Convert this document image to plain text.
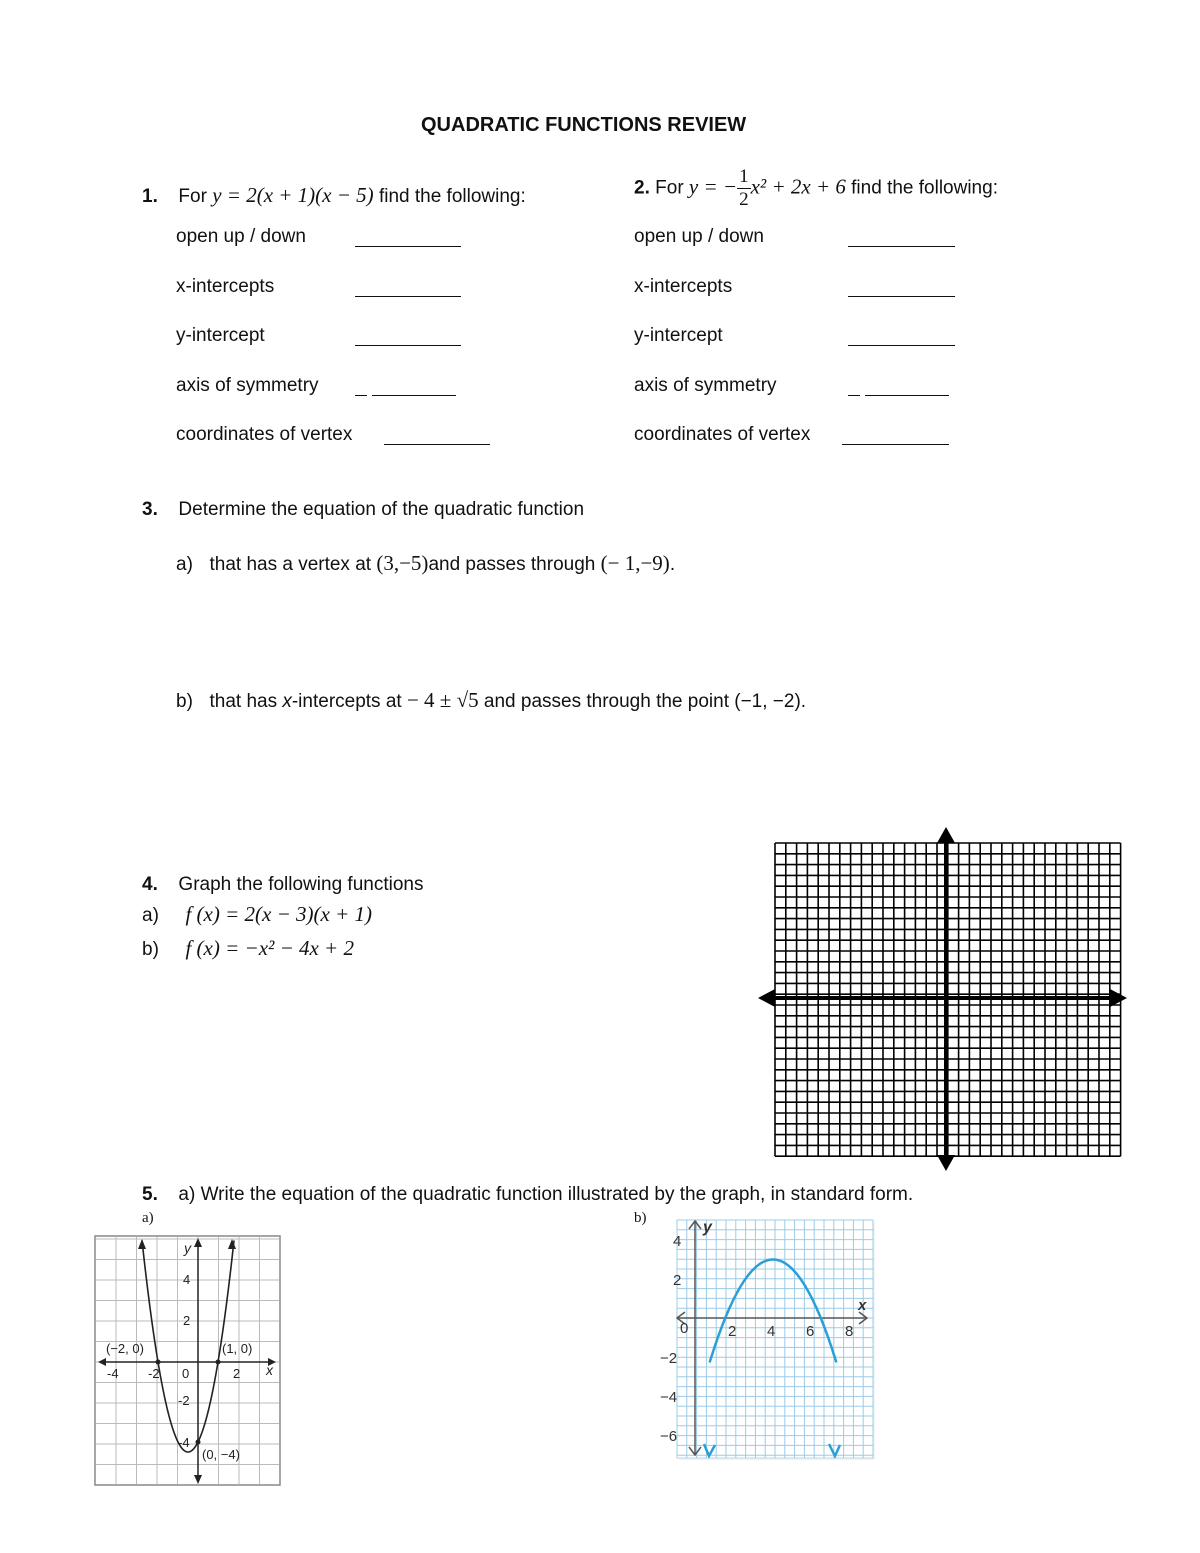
QUADRATIC FUNCTIONS REVIEW
1. For y = 2(x + 1)(x − 5) find the following:	2. For y = − $\frac{1}{2} x^2 + 2x + 6$ find the following:
open up / down
x-intercepts
y-intercept
axis of symmetry
coordinates of vertex
open up / down
x-intercepts
y-intercept
axis of symmetry
coordinates of vertex
3. Determine the equation of the quadratic function
a) that has a vertex at (3,−5)and passes through (− 1,−9).
b) that has x-intercepts at − 4 ± √5 and passes through the point (−1, −2).
4. Graph the following functions
a) f (x) = 2(x − 3)(x + 1)
b) f (x) = −x² − 4x + 2
5. a) Write the equation of the quadratic function illustrated by the graph, in standard form.
a)	b)
y
x
4
2
-2
-4
-4 -2 0	2
(−2, 0)	(1, 0)
(0, −4)
y
x
4
2
−2
−4
−6
0	2 4 6 8
